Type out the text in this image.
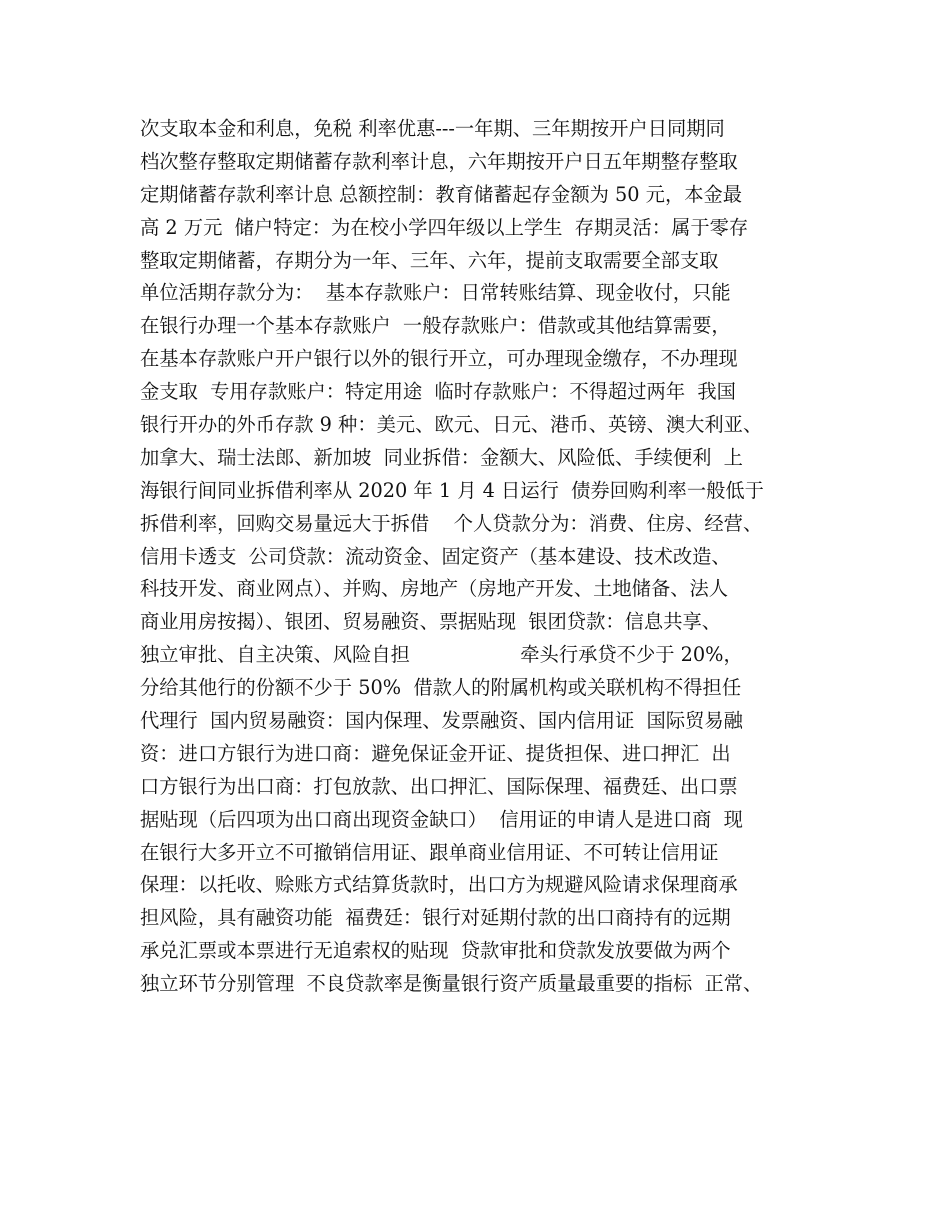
次支取本金和利息，免税 利率优惠---一年期、三年期按开户日同期同
档次整存整取定期储蓄存款利率计息，六年期按开户日五年期整存整取
定期储蓄存款利率计息 总额控制：教育储蓄起存金额为 50 元，本金最
高 2 万元  储户特定：为在校小学四年级以上学生  存期灵活：属于零存
整取定期储蓄，存期分为一年、三年、六年，提前支取需要全部支取
单位活期存款分为：  基本存款账户：日常转账结算、现金收付，只能
在银行办理一个基本存款账户  一般存款账户：借款或其他结算需要，
在基本存款账户开户银行以外的银行开立，可办理现金缴存，不办理现
金支取  专用存款账户：特定用途  临时存款账户：不得超过两年  我国
银行开办的外币存款 9 种：美元、欧元、日元、港币、英镑、澳大利亚、
加拿大、瑞士法郎、新加坡  同业拆借：金额大、风险低、手续便利  上
海银行间同业拆借利率从 2020 年 1 月 4 日运行  债券回购利率一般低于
拆借利率，回购交易量远大于拆借    个人贷款分为：消费、住房、经营、
信用卡透支  公司贷款：流动资金、固定资产（基本建设、技术改造、
科技开发、商业网点）、并购、房地产（房地产开发、土地储备、法人
商业用房按揭）、银团、贸易融资、票据贴现  银团贷款：信息共享、
独立审批、自主决策、风险自担                  牵头行承贷不少于 20%，
分给其他行的份额不少于 50%  借款人的附属机构或关联机构不得担任
代理行  国内贸易融资：国内保理、发票融资、国内信用证  国际贸易融
资：进口方银行为进口商：避免保证金开证、提货担保、进口押汇  出
口方银行为出口商：打包放款、出口押汇、国际保理、福费廷、出口票
据贴现（后四项为出口商出现资金缺口）  信用证的申请人是进口商  现
在银行大多开立不可撤销信用证、跟单商业信用证、不可转让信用证
保理：以托收、赊账方式结算货款时，出口方为规避风险请求保理商承
担风险，具有融资功能  福费廷：银行对延期付款的出口商持有的远期
承兑汇票或本票进行无追索权的贴现  贷款审批和贷款发放要做为两个
独立环节分别管理  不良贷款率是衡量银行资产质量最重要的指标  正常、
